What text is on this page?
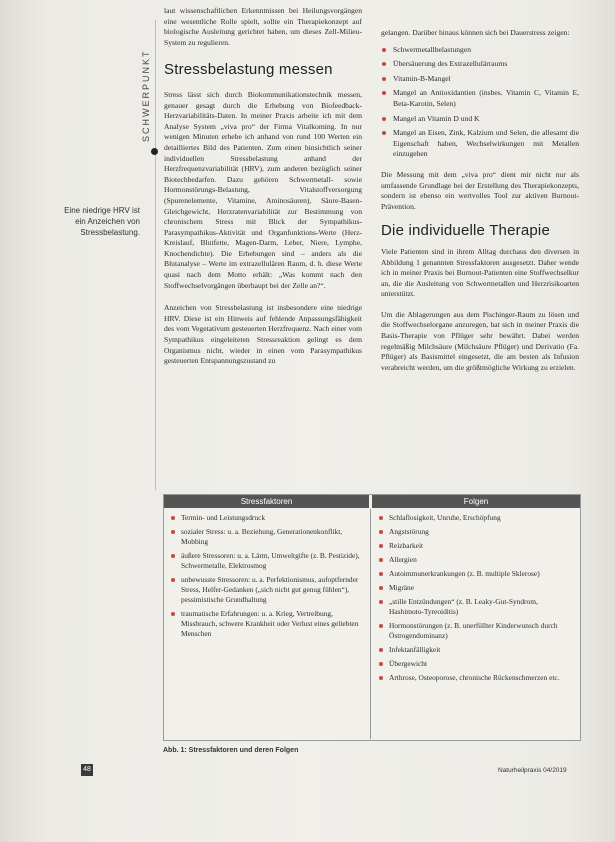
SCHWERPUNKT
Eine niedrige HRV ist ein Anzeichen von Stressbelastung.

laut wissenschaftlichen Erkenntnissen bei Heilungsvorgängen eine wesentliche Rolle spielt, sollte ein Therapiekonzept auf biologische Ausleitung gerichtet haben, um dieses Zell-Milieu-System zu regulieren.

Stressbelastung messen

Stress lässt sich durch Biokommunikationstechnik messen, genauer gesagt durch die Erhebung von Biofeedback-Herzvariabilitäts-Daten. In meiner Praxis arbeite ich mit dem Analyse System „viva pro“ der Firma Vitalkoming. In nur wenigen Minuten erhebe ich anhand von rund 100 Werten ein detailliertes Bild des Patienten. Zum einen hinsichtlich seiner individuellen Stressbelastung anhand der Herzfrequenzvariabilität (HRV), zum anderen bezüglich seiner Biotechbedarfen. Dazu gehören Schwermetall- sowie Hormonstörungs-Belastung, Vitalstoffversorgung (Spurenelemente, Vitamine, Aminosäuren), Säure-Basen-Gleichgewicht, Herzratenvariabilität zur Bestimmung von chronischem Stress mit Blick der Sympathikus-Parasympathikus-Aktivität und Organfunktions-Werte (Herz-Kreislauf, Blutfette, Magen-Darm, Leber, Niere, Lymphe, Knochendichte). Die Erhebungen sind – anders als die Blutanalyse – Werte im extrazellulären Raum, d. h. diese Werte quasi nach dem Motto erhält: „Was kommt nach den Stoffwechselvorgängen überhaupt bei der Zelle an?“.

Anzeichen von Stressbelastung ist insbesondere eine niedrige HRV. Diese ist ein Hinweis auf fehlende Anpassungsfähigkeit des vom Vegetativum gesteuerten Herzfrequenz. Nach einer vom Sympathikus eingeleiteten Stressreaktion gelingt es dem Organismus nicht, wieder in einen vom Parasympathikus gesteuerten Entspannungszustand zu

gelangen. Darüber hinaus können sich bei Dauerstress zeigen:

Schwermetallbelastungen
Übersäuerung des Extrazellulärraums
Vitamin-B-Mangel
Mangel an Antioxidantien (insbes. Vitamin C, Vitamin E, Beta-Karotin, Selen)
Mangel an Vitamin D und K
Mangel an Eisen, Zink, Kalzium und Selen, die allesamt die Eigenschaft haben, Wechselwirkungen mit Metallen einzugehen

Die Messung mit dem „viva pro“ dient mir nicht nur als umfassende Grundlage bei der Erstellung des Therapiekonzepts, sondern ist ebenso ein wertvolles Tool zur aktiven Burnout-Prävention.

Die individuelle Therapie

Viele Patienten sind in ihrem Alltag durchaus den diversen in Abbildung 1 genannten Stressfaktoren ausgesetzt. Daher wende ich in meiner Praxis bei Burnout-Patienten eine Stoffwechselkur an, die die Ausleitung von Schwermetallen und Herzrisikoarten unterstützt.

Um die Ablagerungen aus dem Pischinger-Raum zu lösen und die Stoffwechselorgane anzuregen, hat sich in meiner Praxis die Basis-Therapie von Pflüger sehr bewährt. Dabei werden regelmäßig Milchsäure (Milchsäure Pflüger) und Derivatio (Fa. Pflüger) als Basismittel eingesetzt, die am besten als Infusion verabreicht werden, um die größtmögliche Wirkung zu erzielen.

Stressfaktoren	Folgen
Termin- und Leistungsdruck
sozialer Stress: u. a. Beziehung, Generationenkonflikt, Mobbing
äußere Stressoren: u. a. Lärm, Umweltgifte (z. B. Pestizide), Schwermetalle, Elektrosmog
unbewusste Stressoren: u. a. Perfektionismus, aufoptfernder Stress, Helfer-Gedanken („sich nicht gut genug fühlen“), pessimistische Grundhaltung
traumatische Erfahrungen: u. a. Krieg, Vertreibung, Missbrauch, schwere Krankheit oder Verlust eines geliebten Menschen
Schlaflosigkeit, Unruhe, Erschöpfung
Angststörung
Reizbarkeit
Allergien
Autoimmunerkrankungen (z. B. multiple Sklerose)
Migräne
„stille Entzündungen“ (z. B. Leaky-Gut-Syndrom, Hashimoto-Tyreoiditis)
Hormonstörungen (z. B. unerfüllter Kinderwunsch durch Östrogendominanz)
Infektanfälligkeit
Übergewicht
Arthrose, Osteoporose, chronische Rückenschmerzen etc.
Abb. 1: Stressfaktoren und deren Folgen
48	Naturheilpraxis 04/2019
